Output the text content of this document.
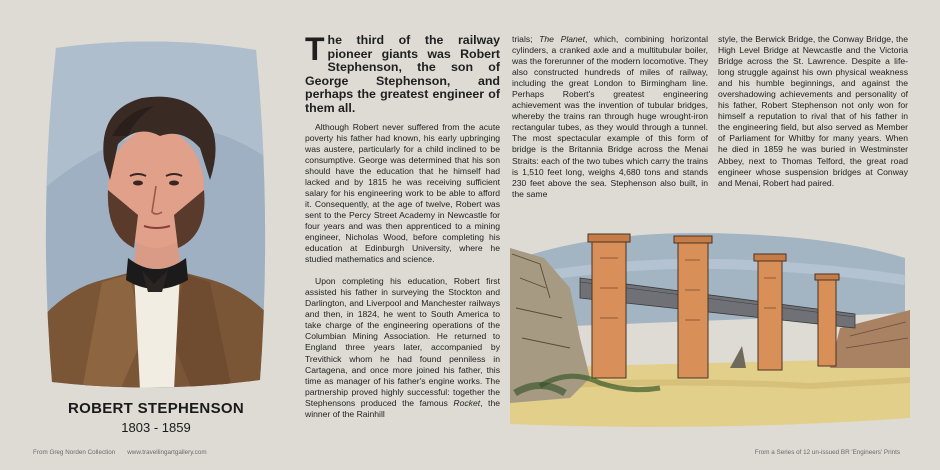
ROBERT STEPHENSON
1803 - 1859
The third of the railway pioneer giants was Robert Stephenson, the son of George Stephenson, and perhaps the greatest engineer of them all.

Although Robert never suffered from the acute poverty his father had known, his early upbringing was austere, particularly for a child inclined to be consumptive. George was determined that his son should have the education that he himself had lacked and by 1815 he was receiving sufficient salary for his engineering work to be able to afford it. Consequently, at the age of twelve, Robert was sent to the Percy Street Academy in Newcastle for four years and was then apprenticed to a mining engineer, Nicholas Wood, before completing his education at Edinburgh University, where he studied mathematics and science.

Upon completing his education, Robert first assisted his father in surveying the Stockton and Darlington, and Liverpool and Manchester railways and then, in 1824, he went to South America to take charge of the engineering operations of the Columbian Mining Association. He returned to England three years later, accompanied by Trevithick whom he had found penniless in Cartagena, and once more joined his father, this time as manager of his father's engine works. The partnership proved highly successful: together the Stephensons produced the famous Rocket, the winner of the Rainhill

trials; The Planet, which, combining horizontal cylinders, a cranked axle and a multitubular boiler, was the forerunner of the modern locomotive. They also constructed hundreds of miles of railway, including the great London to Birmingham line. Perhaps Robert's greatest engineering achievement was the invention of tubular bridges, whereby the trains ran through huge wrought-iron rectangular tubes, as they would through a tunnel. The most spectacular example of this form of bridge is the Britannia Bridge across the Menai Straits: each of the two tubes which carry the trains is 1,510 feet long, weighs 4,680 tons and stands 230 feet above the sea. Stephenson also built, in the same

style, the Berwick Bridge, the Conway Bridge, the High Level Bridge at Newcastle and the Victoria Bridge across the St. Lawrence. Despite a life-long struggle against his own physical weakness and his humble beginnings, and against the overshadowing achievements and personality of his father, Robert Stephenson not only won for himself a reputation to rival that of his father in the engineering field, but also served as Member of Parliament for Whitby for many years. When he died in 1859 he was buried in Westminster Abbey, next to Thomas Telford, the great road engineer whose suspension bridges at Conway and Menai, Robert had paired.

From Greg Norden Collection www.travellingartgallery.com	From a Series of 12 un-issued BR 'Engineers' Prints
